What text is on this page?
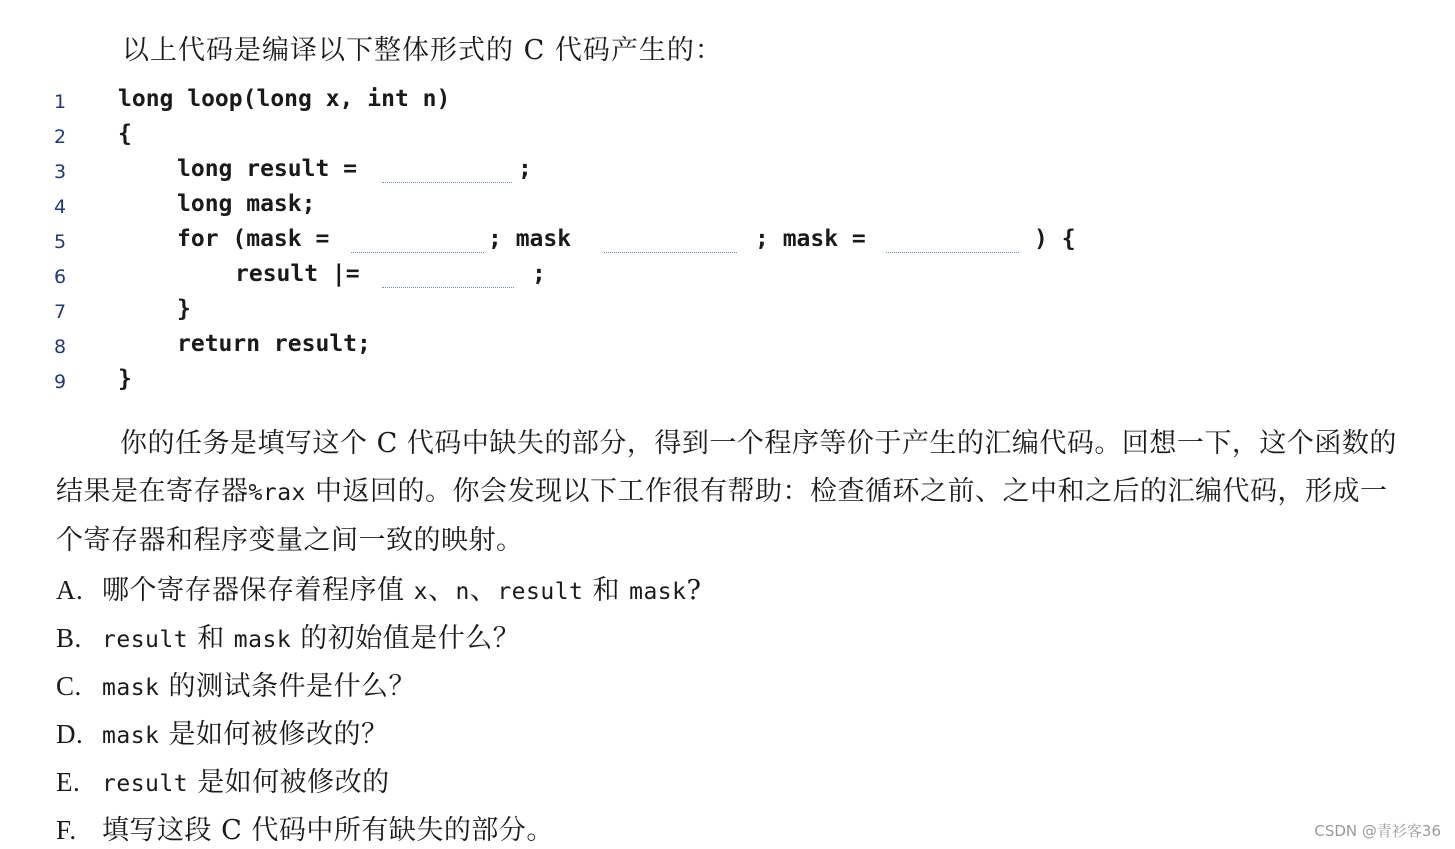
以上代码是编译以下整体形式的 C 代码产生的：
1	long loop(long x, int n)
2	{
3	long result =	;
4	long mask;
5	for (mask =	; mask	; mask =	) {
6	result |=	;
7	}
8	return result;
9	}
你的任务是填写这个 C 代码中缺失的部分，得到一个程序等价于产生的汇编代码。回想一下，这个函数的结果是在寄存器%rax 中返回的。你会发现以下工作很有帮助：检查循环之前、之中和之后的汇编代码，形成一个寄存器和程序变量之间一致的映射。
A. 哪个寄存器保存着程序值 x、n、result 和 mask?
B. result 和 mask 的初始值是什么？
C. mask 的测试条件是什么？
D. mask 是如何被修改的？
E. result 是如何被修改的
F. 填写这段 C 代码中所有缺失的部分。	CSDN @青衫客36
